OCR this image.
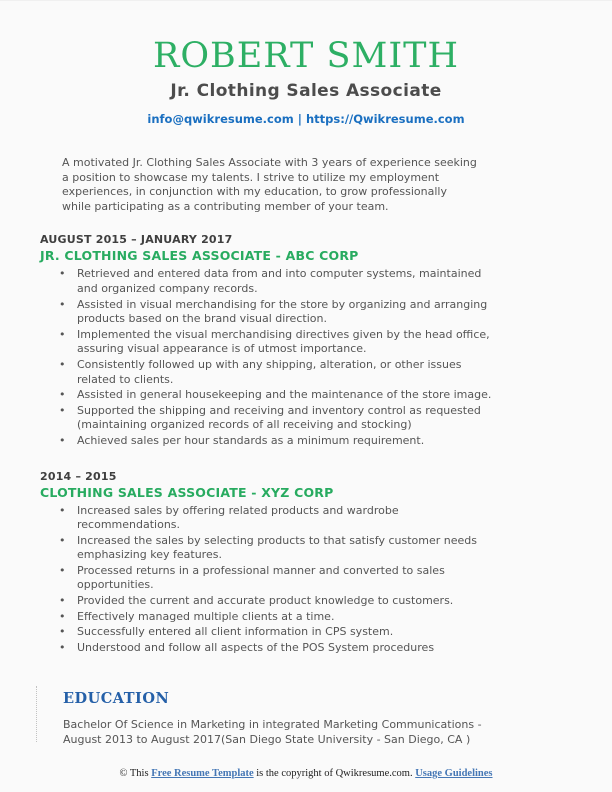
ROBERT SMITH
Jr. Clothing Sales Associate
info@qwikresume.com | https://Qwikresume.com

A motivated Jr. Clothing Sales Associate with 3 years of experience seeking a position to showcase my talents. I strive to utilize my employment experiences, in conjunction with my education, to grow professionally while participating as a contributing member of your team.

AUGUST 2015 – JANUARY 2017
JR. CLOTHING SALES ASSOCIATE - ABC CORP
• Retrieved and entered data from and into computer systems, maintained and organized company records.
• Assisted in visual merchandising for the store by organizing and arranging products based on the brand visual direction.
• Implemented the visual merchandising directives given by the head office, assuring visual appearance is of utmost importance.
• Consistently followed up with any shipping, alteration, or other issues related to clients.
• Assisted in general housekeeping and the maintenance of the store image.
• Supported the shipping and receiving and inventory control as requested (maintaining organized records of all receiving and stocking)
• Achieved sales per hour standards as a minimum requirement.
2014 – 2015
CLOTHING SALES ASSOCIATE - XYZ CORP
• Increased sales by offering related products and wardrobe recommendations.
• Increased the sales by selecting products to that satisfy customer needs emphasizing key features.
• Processed returns in a professional manner and converted to sales opportunities.
• Provided the current and accurate product knowledge to customers.
• Effectively managed multiple clients at a time.
• Successfully entered all client information in CPS system.
• Understood and follow all aspects of the POS System procedures
EDUCATION
Bachelor Of Science in Marketing in integrated Marketing Communications - August 2013 to August 2017(San Diego State University - San Diego, CA )
© This Free Resume Template is the copyright of Qwikresume.com. Usage Guidelines
